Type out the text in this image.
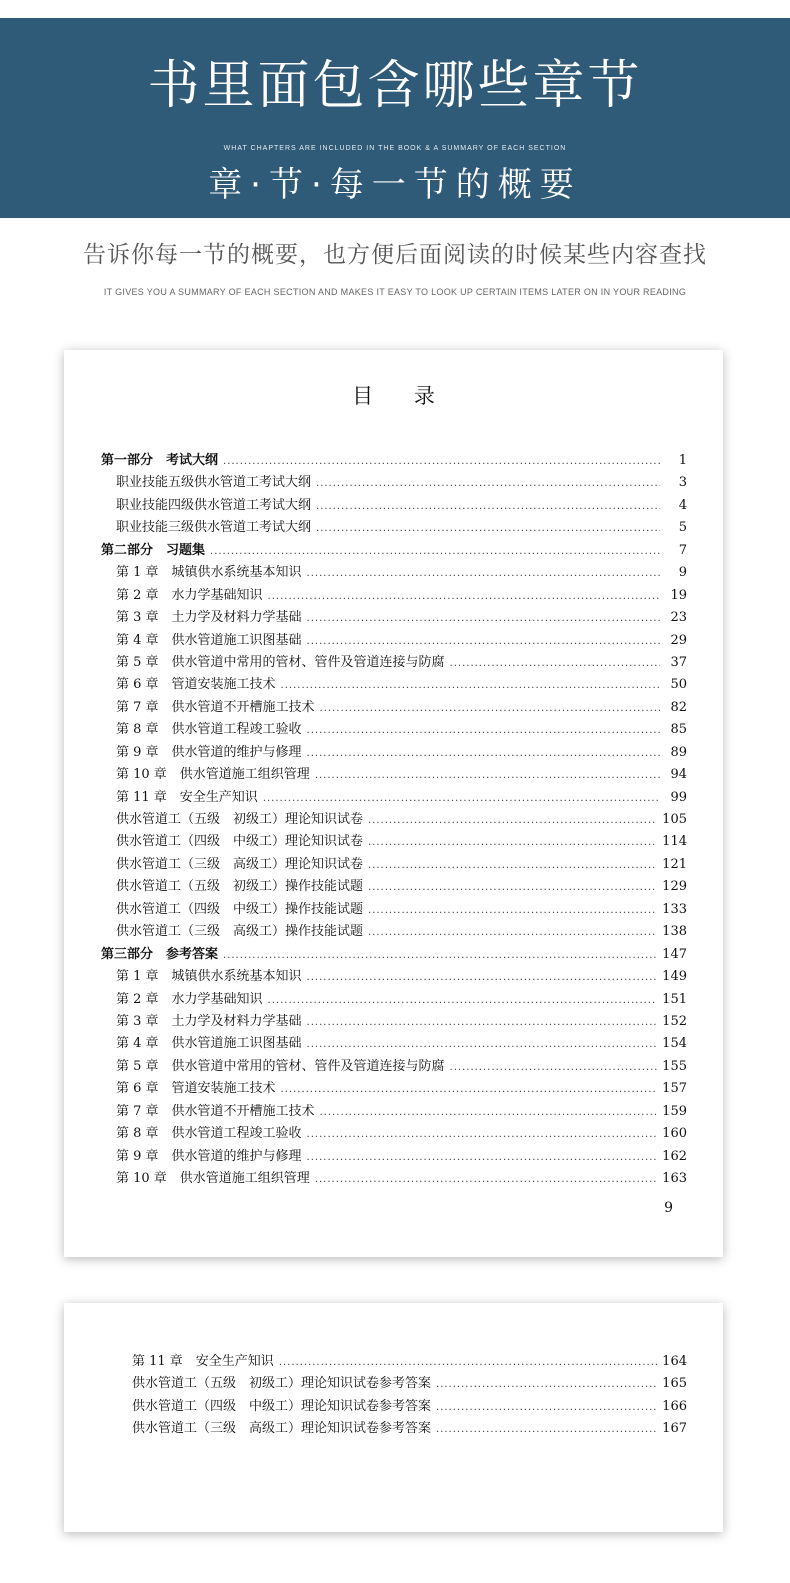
书里面包含哪些章节
WHAT CHAPTERS ARE INCLUDED IN THE BOOK & A SUMMARY OF EACH SECTION
章·节·每一节的概要
告诉你每一节的概要，也方便后面阅读的时候某些内容查找
IT GIVES YOU A SUMMARY OF EACH SECTION AND MAKES IT EASY TO LOOK UP CERTAIN ITEMS LATER ON IN YOUR READING
目 录
第一部分　考试大纲 .....	1
职业技能五级供水管道工考试大纲 .....	3
职业技能四级供水管道工考试大纲 .....	4
职业技能三级供水管道工考试大纲 .....	5
第二部分　习题集 .....	7
第 1 章　城镇供水系统基本知识 .....	9
第 2 章　水力学基础知识 .....	19
第 3 章　土力学及材料力学基础 .....	23
第 4 章　供水管道施工识图基础 .....	29
第 5 章　供水管道中常用的管材、管件及管道连接与防腐 .....	37
第 6 章　管道安装施工技术 .....	50
第 7 章　供水管道不开槽施工技术 .....	82
第 8 章　供水管道工程竣工验收 .....	85
第 9 章　供水管道的维护与修理 .....	89
第 10 章　供水管道施工组织管理 .....	94
第 11 章　安全生产知识 .....	99
供水管道工（五级　初级工）理论知识试卷 .....	105
供水管道工（四级　中级工）理论知识试卷 .....	114
供水管道工（三级　高级工）理论知识试卷 .....	121
供水管道工（五级　初级工）操作技能试题 .....	129
供水管道工（四级　中级工）操作技能试题 .....	133
供水管道工（三级　高级工）操作技能试题 .....	138
第三部分　参考答案 .....	147
第 1 章　城镇供水系统基本知识 .....	149
第 2 章　水力学基础知识 .....	151
第 3 章　土力学及材料力学基础 .....	152
第 4 章　供水管道施工识图基础 .....	154
第 5 章　供水管道中常用的管材、管件及管道连接与防腐 .....	155
第 6 章　管道安装施工技术 .....	157
第 7 章　供水管道不开槽施工技术 .....	159
第 8 章　供水管道工程竣工验收 .....	160
第 9 章　供水管道的维护与修理 .....	162
第 10 章　供水管道施工组织管理 .....	163
9
第 11 章　安全生产知识 .....	164
供水管道工（五级　初级工）理论知识试卷参考答案 .....	165
供水管道工（四级　中级工）理论知识试卷参考答案 .....	166
供水管道工（三级　高级工）理论知识试卷参考答案 .....	167
